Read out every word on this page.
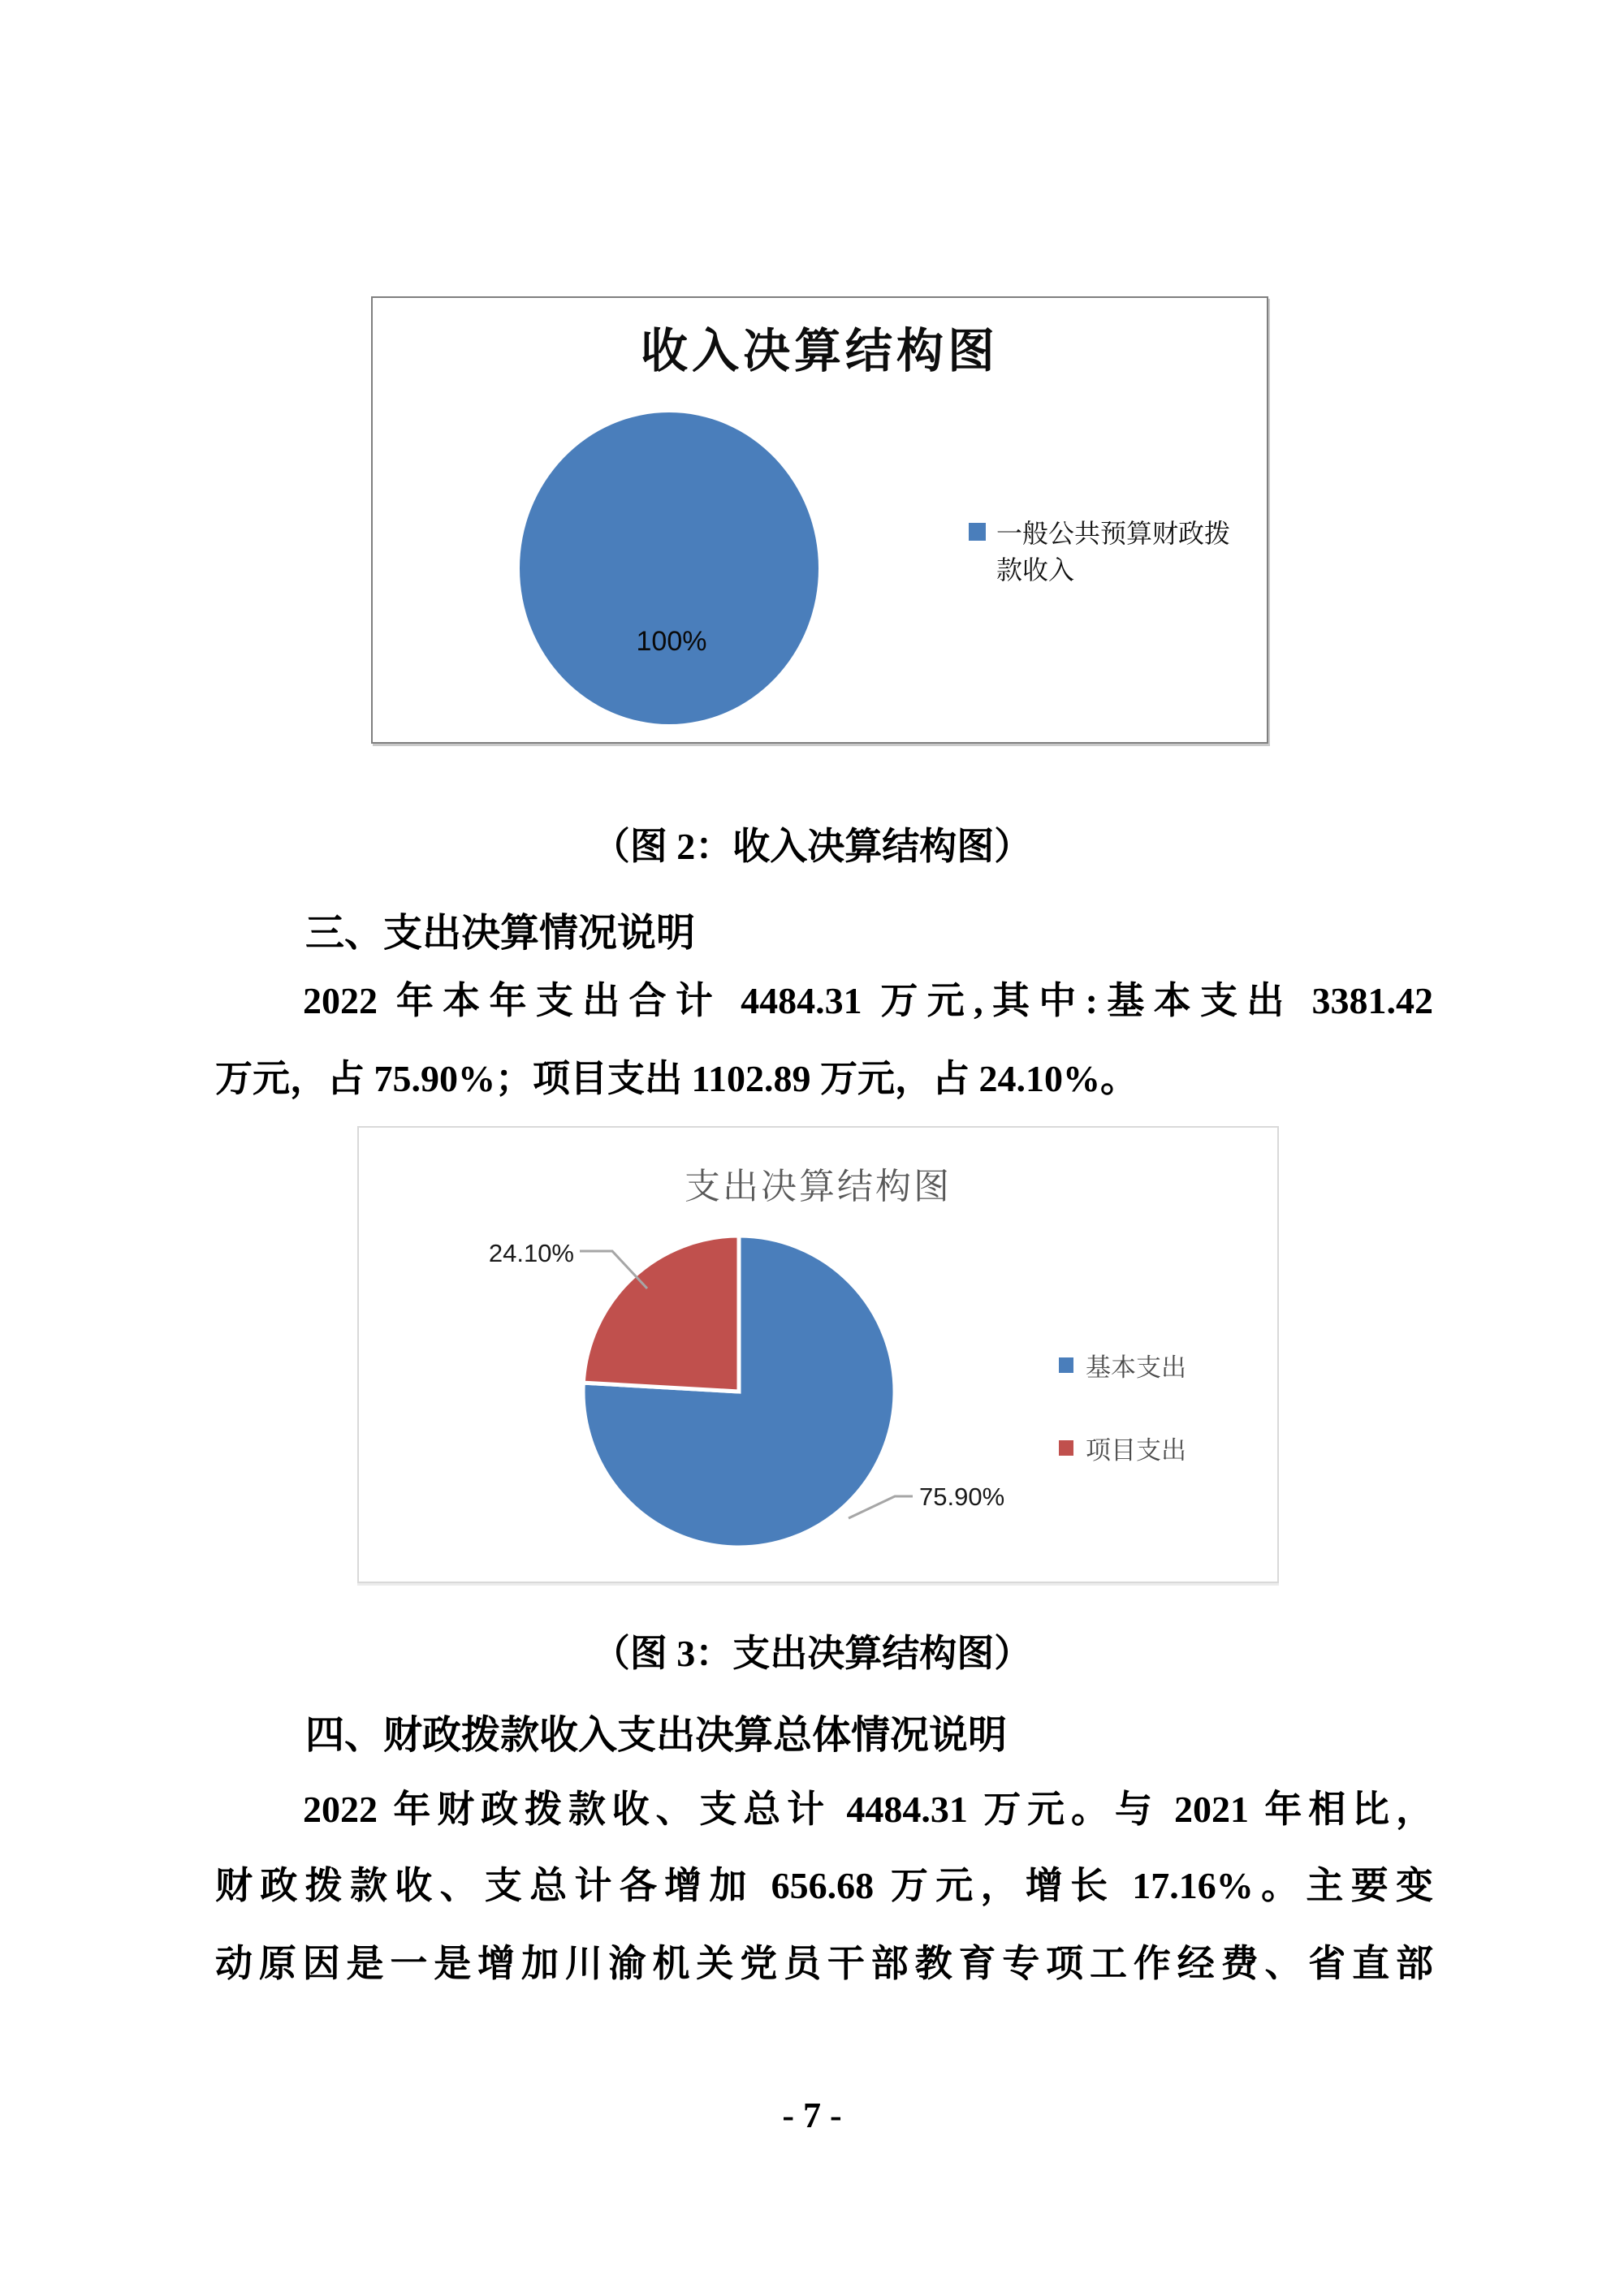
收入决算结构图
100%
一般公共预算财政拨款收入
（图 2：收入决算结构图）
三、支出决算情况说明
2022 年本年支出合计 4484.31 万元,其中:基本支出 3381.42
万元，占 75.90%；项目支出 1102.89 万元，占 24.10%。
支出决算结构图
24.10%
75.90%
基本支出
项目支出
（图 3：支出决算结构图）
四、财政拨款收入支出决算总体情况说明
2022 年财政拨款收、支总计 4484.31 万元。与 2021 年相比，
财政拨款收、支总计各增加 656.68 万元，增长 17.16%。主要变
动原因是一是增加川渝机关党员干部教育专项工作经费、省直部
- 7 -
